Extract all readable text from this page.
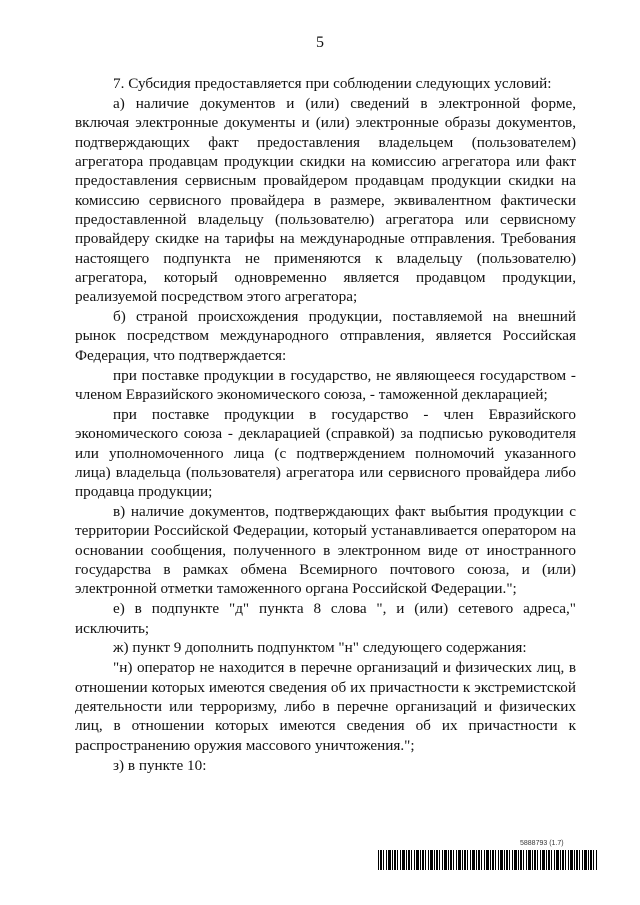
5

7. Субсидия предоставляется при соблюдении следующих условий:

а) наличие документов и (или) сведений в электронной форме, включая электронные документы и (или) электронные образы документов, подтверждающих факт предоставления владельцем (пользователем) агрегатора продавцам продукции скидки на комиссию агрегатора или факт предоставления сервисным провайдером продавцам продукции скидки на комиссию сервисного провайдера в размере, эквивалентном фактически предоставленной владельцу (пользователю) агрегатора или сервисному провайдеру скидке на тарифы на международные отправления. Требования настоящего подпункта не применяются к владельцу (пользователю) агрегатора, который одновременно является продавцом продукции, реализуемой посредством этого агрегатора;

б) страной происхождения продукции, поставляемой на внешний рынок посредством международного отправления, является Российская Федерация, что подтверждается:

при поставке продукции в государство, не являющееся государством - членом Евразийского экономического союза, - таможенной декларацией;

при поставке продукции в государство - член Евразийского экономического союза - декларацией (справкой) за подписью руководителя или уполномоченного лица (с подтверждением полномочий указанного лица) владельца (пользователя) агрегатора или сервисного провайдера либо продавца продукции;

в) наличие документов, подтверждающих факт выбытия продукции с территории Российской Федерации, который устанавливается оператором на основании сообщения, полученного в электронном виде от иностранного государства в рамках обмена Всемирного почтового союза, и (или) электронной отметки таможенного органа Российской Федерации.";

е) в подпункте "д" пункта 8 слова ", и (или) сетевого адреса," исключить;

ж) пункт 9 дополнить подпунктом "н" следующего содержания:

"н) оператор не находится в перечне организаций и физических лиц, в отношении которых имеются сведения об их причастности к экстремистской деятельности или терроризму, либо в перечне организаций и физических лиц, в отношении которых имеются сведения об их причастности к распространению оружия массового уничтожения.";

з) в пункте 10:

5888793 (1.7)
